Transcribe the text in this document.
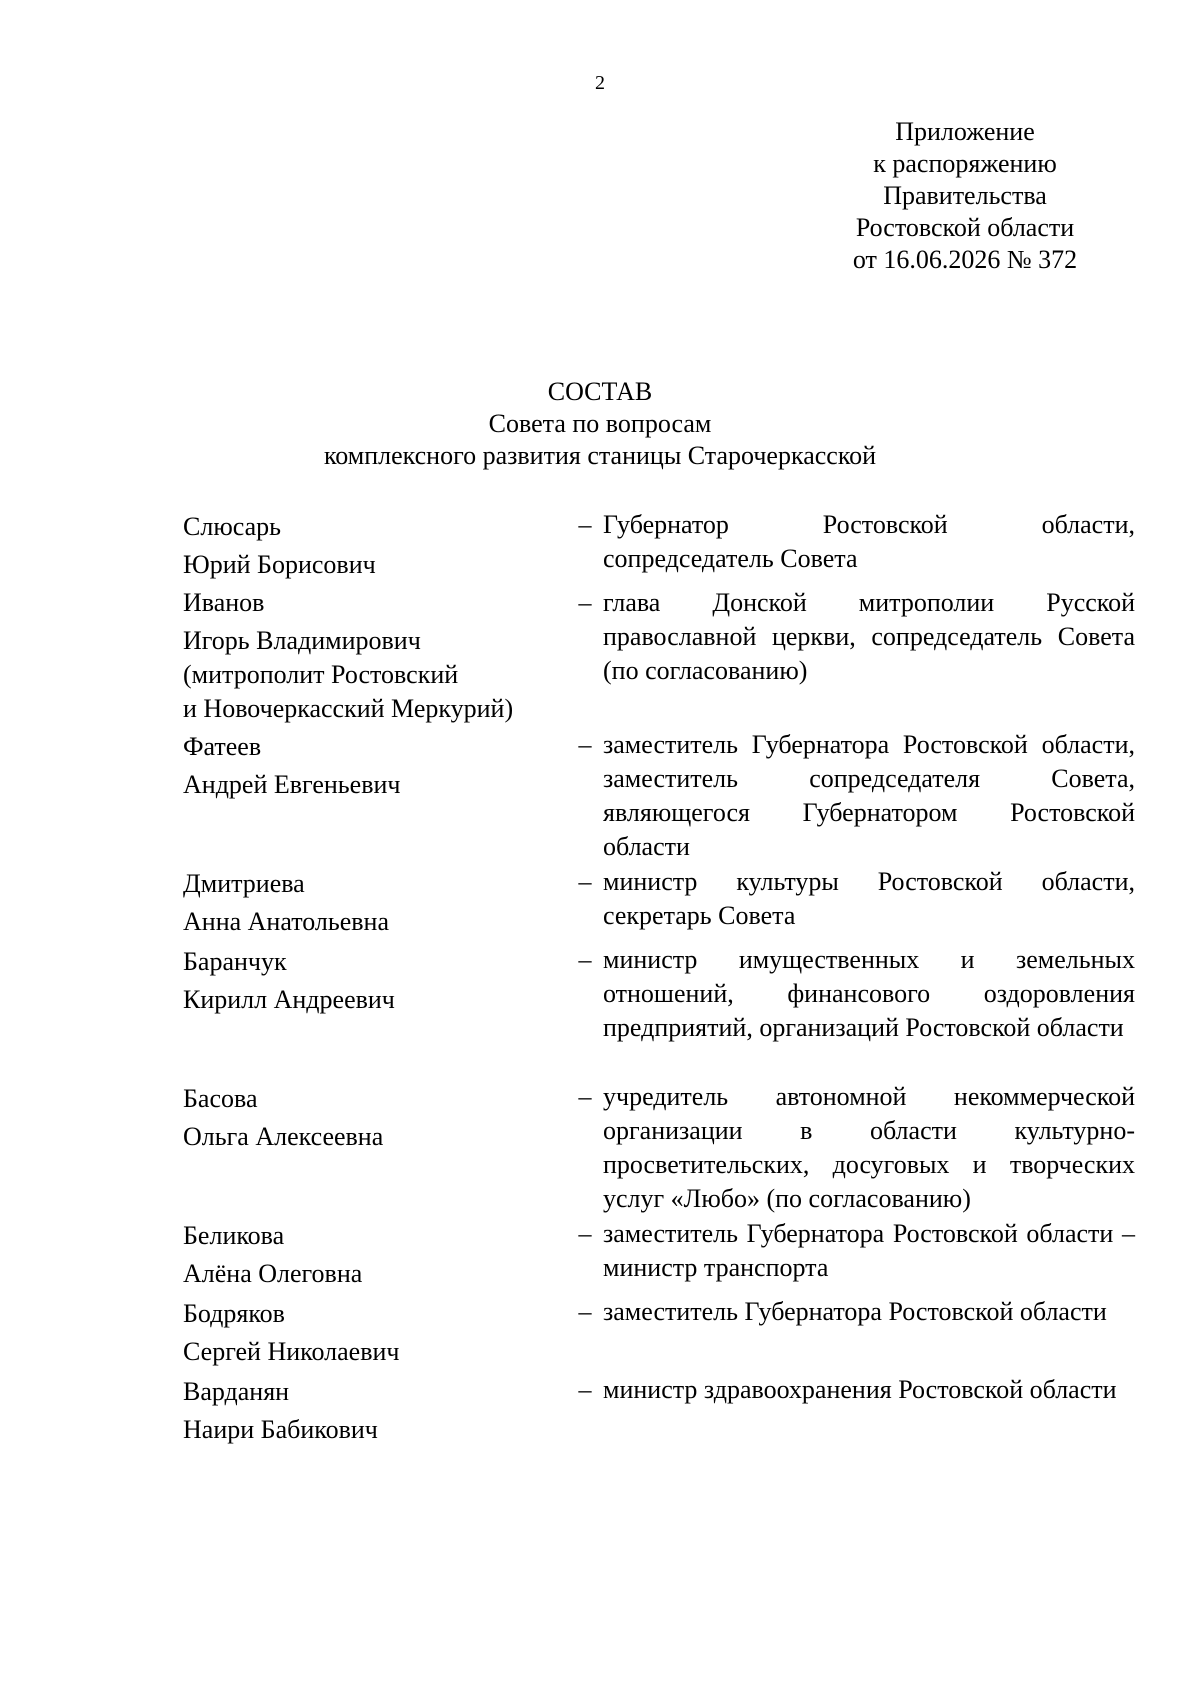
2
Приложение
к распоряжению
Правительства
Ростовской области
от 16.06.2026 № 372
СОСТАВ
Совета по вопросам
комплексного развития станицы Старочеркасской
Слюсарь
Юрий Борисович
– Губернатор Ростовской области, сопредседатель Совета
Иванов
Игорь Владимирович
(митрополит Ростовский
и Новочеркасский Меркурий)
– глава Донской митрополии Русской православной церкви, сопредседатель Совета (по согласованию)
Фатеев
Андрей Евгеньевич
– заместитель Губернатора Ростовской области, заместитель сопредседателя Совета, являющегося Губернатором Ростовской области
Дмитриева
Анна Анатольевна
– министр культуры Ростовской области, секретарь Совета
Баранчук
Кирилл Андреевич
– министр имущественных и земельных отношений, финансового оздоровления предприятий, организаций Ростовской области
Басова
Ольга Алексеевна
– учредитель автономной некоммерческой организации в области культурно-просветительских, досуговых и творческих услуг «Любо» (по согласованию)
Беликова
Алёна Олеговна
– заместитель Губернатора Ростовской области – министр транспорта
Бодряков
Сергей Николаевич
– заместитель Губернатора Ростовской области
Варданян
Наири Бабикович
– министр здравоохранения Ростовской области
